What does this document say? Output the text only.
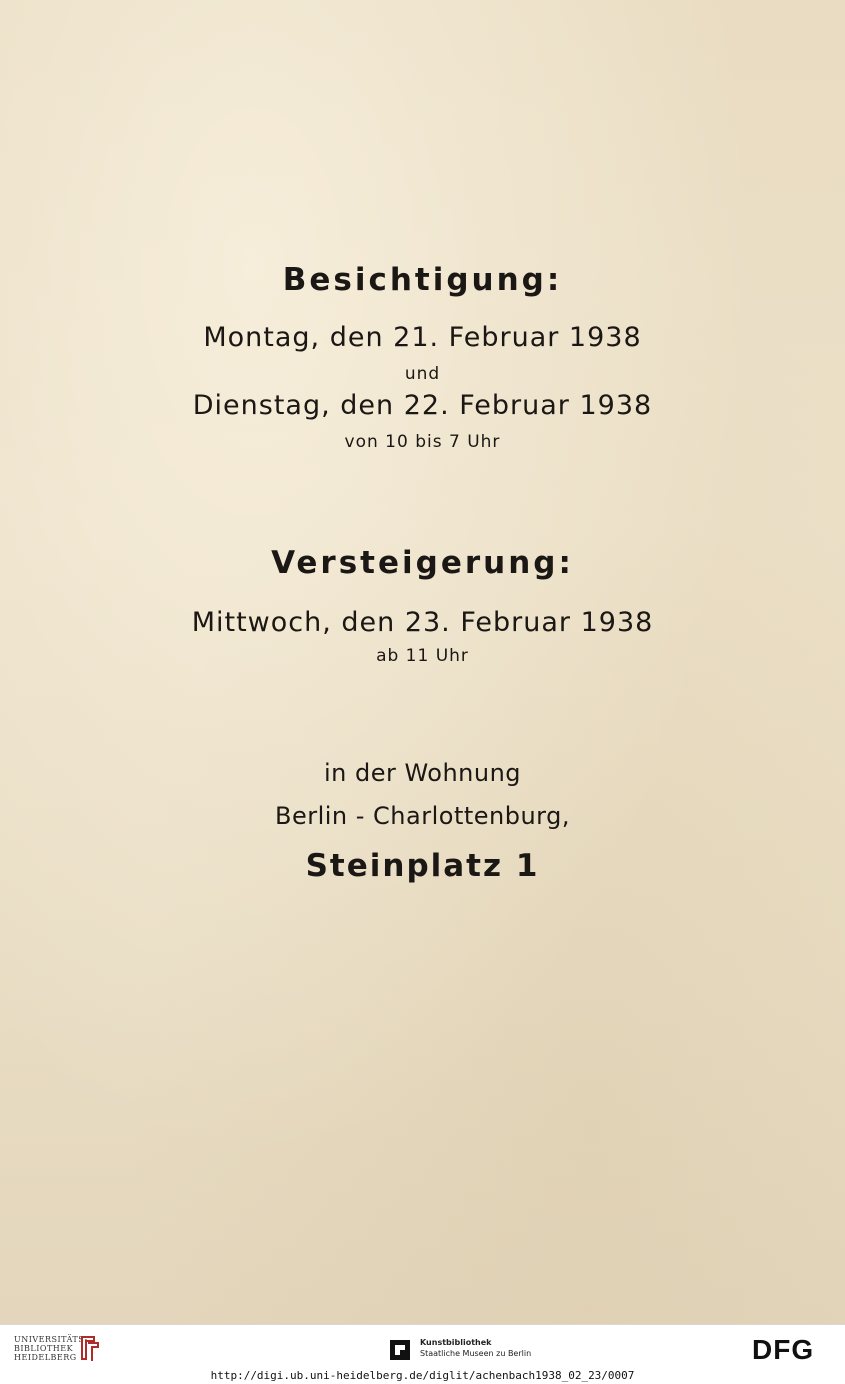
Besichtigung:
Montag, den 21. Februar 1938
und
Dienstag, den 22. Februar 1938
von 10 bis 7 Uhr
Versteigerung:
Mittwoch, den 23. Februar 1938
ab 11 Uhr
in der Wohnung
Berlin - Charlottenburg,
Steinplatz 1
UNIVERSITÄTS-
BIBLIOTHEK
HEIDELBERG
Kunstbibliothek
Staatliche Museen zu Berlin	DFG
http://digi.ub.uni-heidelberg.de/diglit/achenbach1938_02_23/0007
